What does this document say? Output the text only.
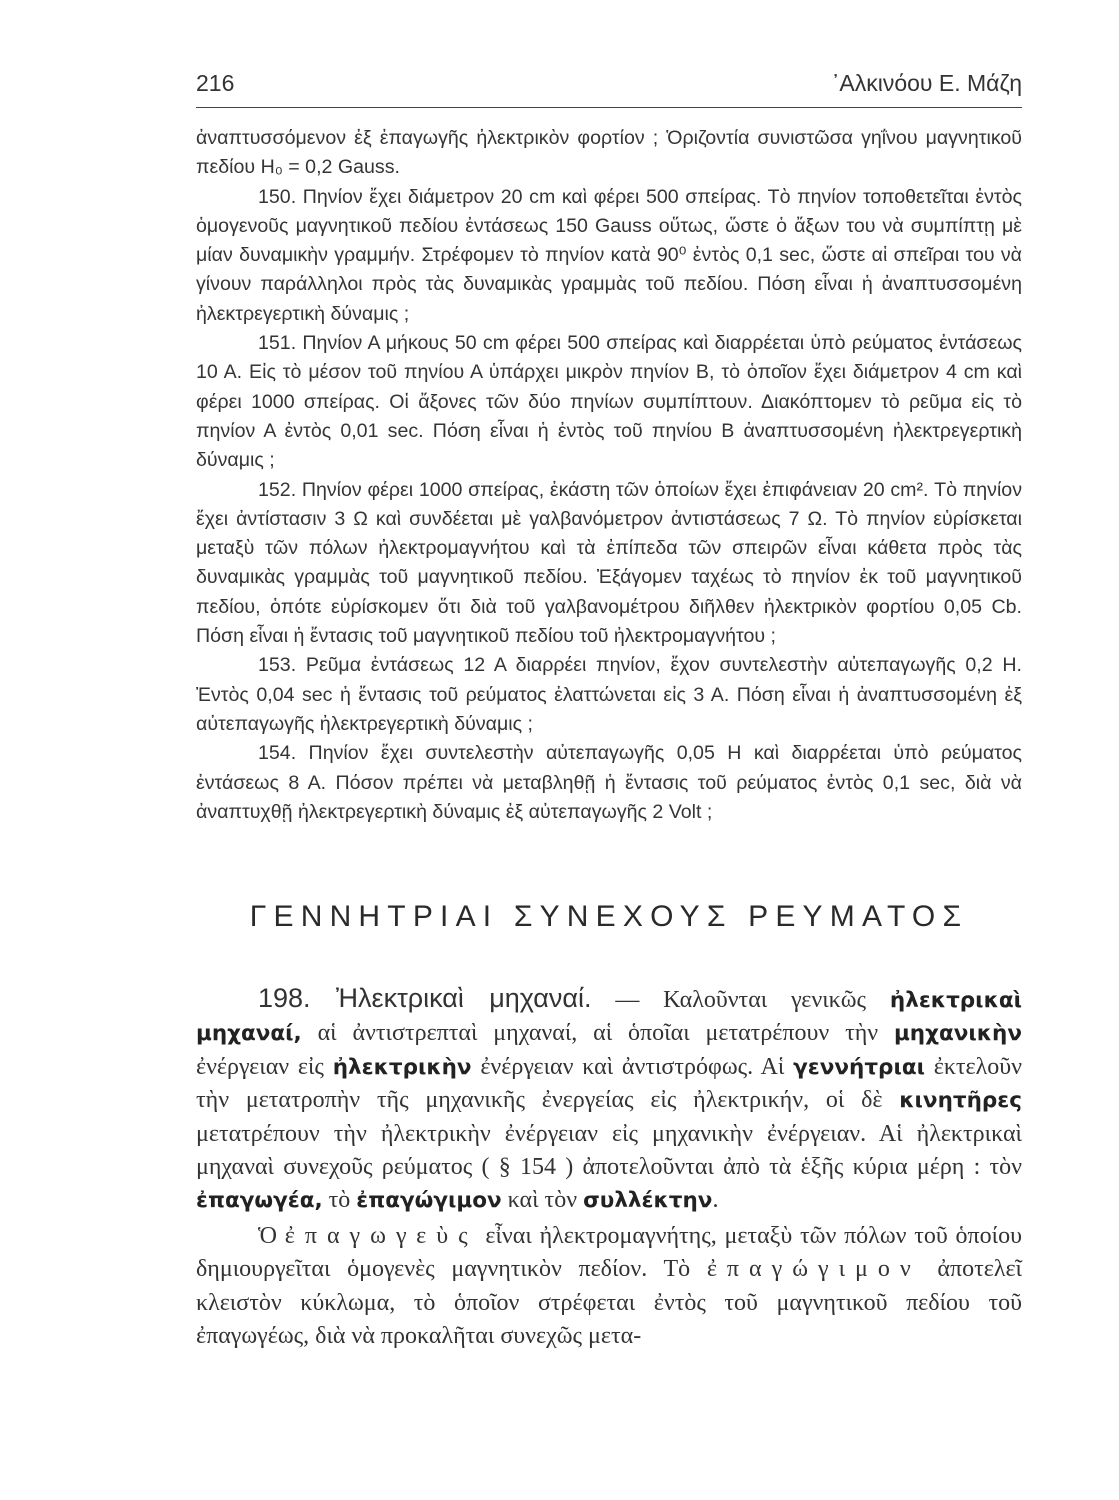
216	᾿Αλκινόου Ε. Μάζη

ἀναπτυσσόμενον ἐξ ἐπαγωγῆς ἠλεκτρικὸν φορτίον ; Ὁριζοντία συνιστῶσα γηΐνου μαγνητικοῦ πεδίου H₀ = 0,2 Gauss.

150. Πηνίον ἔχει διάμετρον 20 cm καὶ φέρει 500 σπείρας. Τὸ πηνίον τοποθετεῖται ἐντὸς ὁμογενοῦς μαγνητικοῦ πεδίου ἐντάσεως 150 Gauss οὕτως, ὥστε ὁ ἄξων του νὰ συμπίπτῃ μὲ μίαν δυναμικὴν γραμμήν. Στρέφομεν τὸ πηνίον κατὰ 90⁰ ἐντὸς 0,1 sec, ὥστε αἱ σπεῖραι του νὰ γίνουν παράλληλοι πρὸς τὰς δυναμικὰς γραμμὰς τοῦ πεδίου. Πόση εἶναι ἡ ἀναπτυσσομένη ἠλεκτρεγερτικὴ δύναμις ;

151. Πηνίον Α μήκους 50 cm φέρει 500 σπείρας καὶ διαρρέεται ὑπὸ ρεύματος ἐντάσεως 10 Α. Εἰς τὸ μέσον τοῦ πηνίου Α ὑπάρχει μικρὸν πηνίον Β, τὸ ὁποῖον ἔχει διάμετρον 4 cm καὶ φέρει 1000 σπείρας. Οἱ ἄξονες τῶν δύο πηνίων συμπίπτουν. Διακόπτομεν τὸ ρεῦμα εἰς τὸ πηνίον Α ἐντὸς 0,01 sec. Πόση εἶναι ἡ ἐντὸς τοῦ πηνίου Β ἀναπτυσσομένη ἠλεκτρεγερτικὴ δύναμις ;

152. Πηνίον φέρει 1000 σπείρας, ἑκάστη τῶν ὁποίων ἔχει ἐπιφάνειαν 20 cm². Τὸ πηνίον ἔχει ἀντίστασιν 3 Ω καὶ συνδέεται μὲ γαλβανόμετρον ἀντιστάσεως 7 Ω. Τὸ πηνίον εὑρίσκεται μεταξὺ τῶν πόλων ἠλεκτρομαγνήτου καὶ τὰ ἐπίπεδα τῶν σπειρῶν εἶναι κάθετα πρὸς τὰς δυναμικὰς γραμμὰς τοῦ μαγνητικοῦ πεδίου. Ἐξάγομεν ταχέως τὸ πηνίον ἐκ τοῦ μαγνητικοῦ πεδίου, ὁπότε εὑρίσκομεν ὅτι διὰ τοῦ γαλβανομέτρου διῆλθεν ἠλεκτρικὸν φορτίου 0,05 Cb. Πόση εἶναι ἡ ἔντασις τοῦ μαγνητικοῦ πεδίου τοῦ ἠλεκτρομαγνήτου ;

153. Ρεῦμα ἐντάσεως 12 Α διαρρέει πηνίον, ἔχον συντελεστὴν αὐτεπαγωγῆς 0,2 Η. Ἐντὸς 0,04 sec ἡ ἔντασις τοῦ ρεύματος ἐλαττώνεται εἰς 3 Α. Πόση εἶναι ἡ ἀναπτυσσομένη ἐξ αὐτεπαγωγῆς ἠλεκτρεγερτικὴ δύναμις ;

154. Πηνίον ἔχει συντελεστὴν αὐτεπαγωγῆς 0,05 Η καὶ διαρρέεται ὑπὸ ρεύματος ἐντάσεως 8 Α. Πόσον πρέπει νὰ μεταβληθῇ ἡ ἔντασις τοῦ ρεύματος ἐντὸς 0,1 sec, διὰ νὰ ἀναπτυχθῇ ἠλεκτρεγερτικὴ δύναμις ἐξ αὐτεπαγωγῆς 2 Volt ;

ΓΕΝΝΗΤΡΙΑΙ ΣΥΝΕΧΟΥΣ ΡΕΥΜΑΤΟΣ

198. Ἠλεκτρικαὶ μηχαναί. — Καλοῦνται γενικῶς ἠλεκτρικαὶ μηχαναί, αἱ ἀντιστρεπταὶ μηχαναί, αἱ ὁποῖαι μετατρέπουν τὴν μηχανικὴν ἐνέργειαν εἰς ἠλεκτρικὴν ἐνέργειαν καὶ ἀντιστρόφως. Αἱ γεννήτριαι ἐκτελοῦν τὴν μετατροπὴν τῆς μηχανικῆς ἐνεργείας εἰς ἠλεκτρικήν, οἱ δὲ κινητῆρες μετατρέπουν τὴν ἠλεκτρικὴν ἐνέργειαν εἰς μηχανικὴν ἐνέργειαν. Αἱ ἠλεκτρικαὶ μηχαναὶ συνεχοῦς ρεύματος ( § 154 ) ἀποτελοῦνται ἀπὸ τὰ ἑξῆς κύρια μέρη : τὸν ἐπαγωγέα, τὸ ἐπαγώγιμον καὶ τὸν συλλέκτην.

Ὁ ἐπαγωγεὺς εἶναι ἠλεκτρομαγνήτης, μεταξὺ τῶν πόλων τοῦ ὁποίου δημιουργεῖται ὁμογενὲς μαγνητικὸν πεδίον. Τὸ ἐπαγώγιμον ἀποτελεῖ κλειστὸν κύκλωμα, τὸ ὁποῖον στρέφεται ἐντὸς τοῦ μαγνητικοῦ πεδίου τοῦ ἐπαγωγέως, διὰ νὰ προκαλῆται συνεχῶς μετα-
